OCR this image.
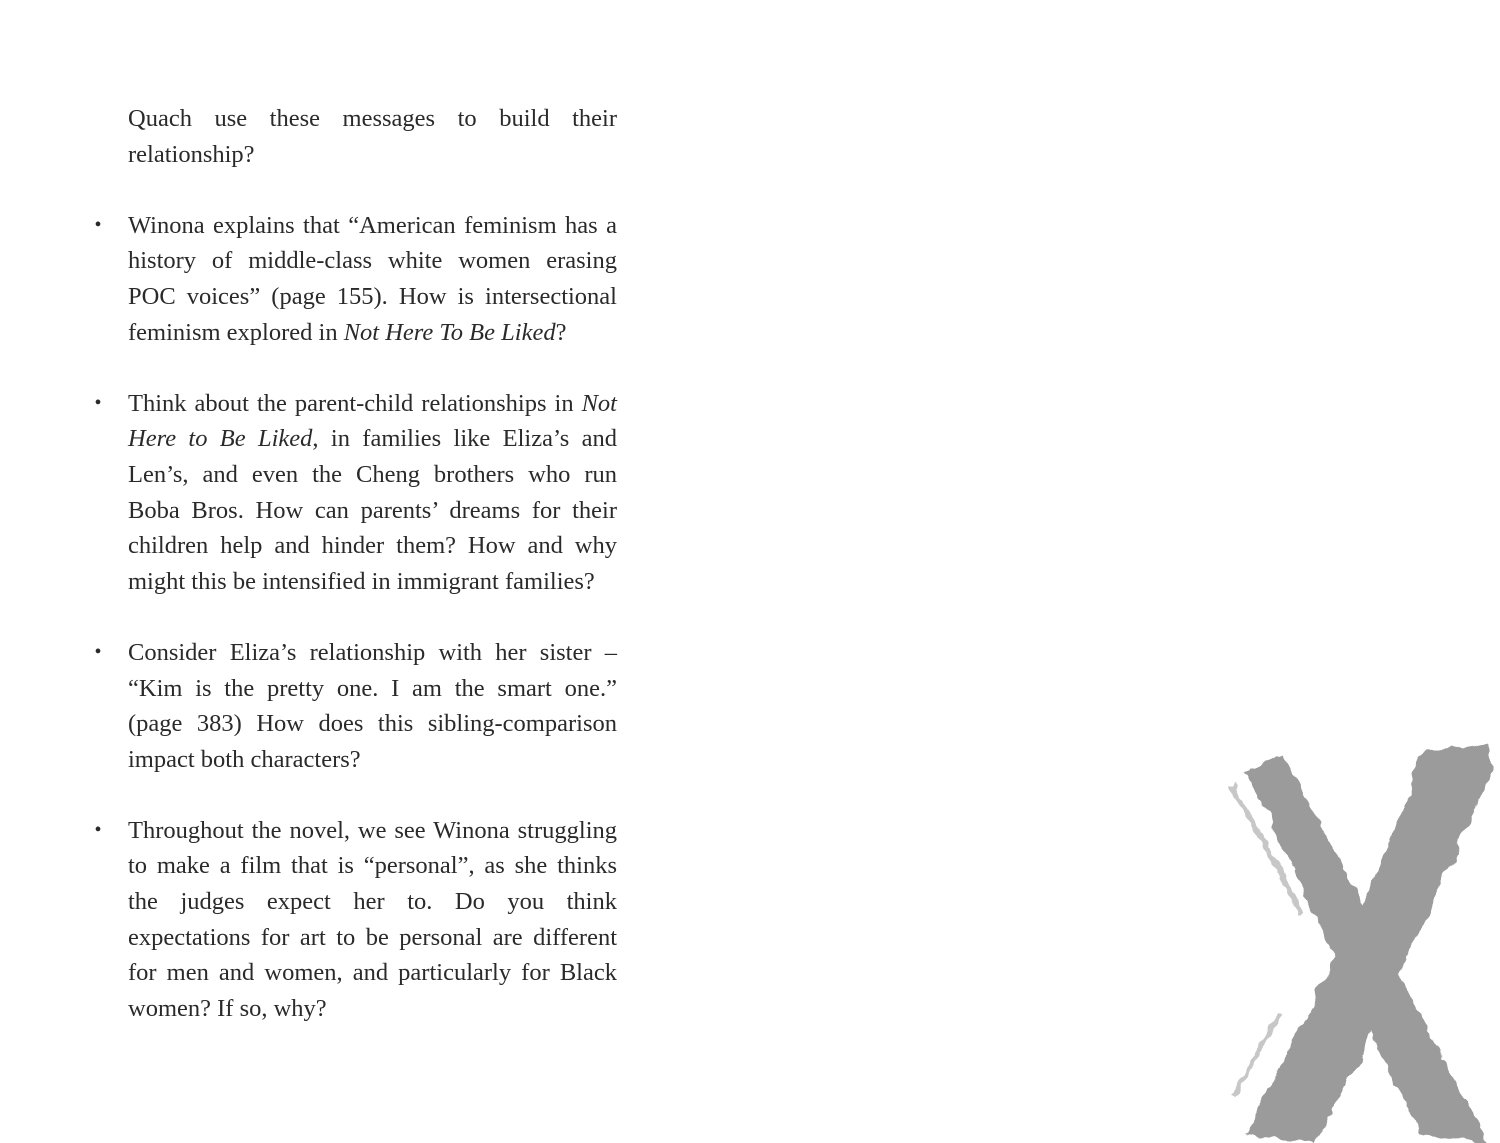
Quach use these messages to build their relationship?

• Winona explains that “American feminism has a history of middle-class white women erasing POC voices” (page 155). How is intersectional feminism explored in Not Here To Be Liked?

• Think about the parent-child relationships in Not Here to Be Liked, in families like Eliza’s and Len’s, and even the Cheng brothers who run Boba Bros. How can parents’ dreams for their children help and hinder them? How and why might this be intensified in immigrant families?

• Consider Eliza’s relationship with her sister – “Kim is the pretty one. I am the smart one.” (page 383) How does this sibling-comparison impact both characters?

• Throughout the novel, we see Winona struggling to make a film that is “personal”, as she thinks the judges expect her to. Do you think expectations for art to be personal are different for men and women, and particularly for Black women? If so, why?
